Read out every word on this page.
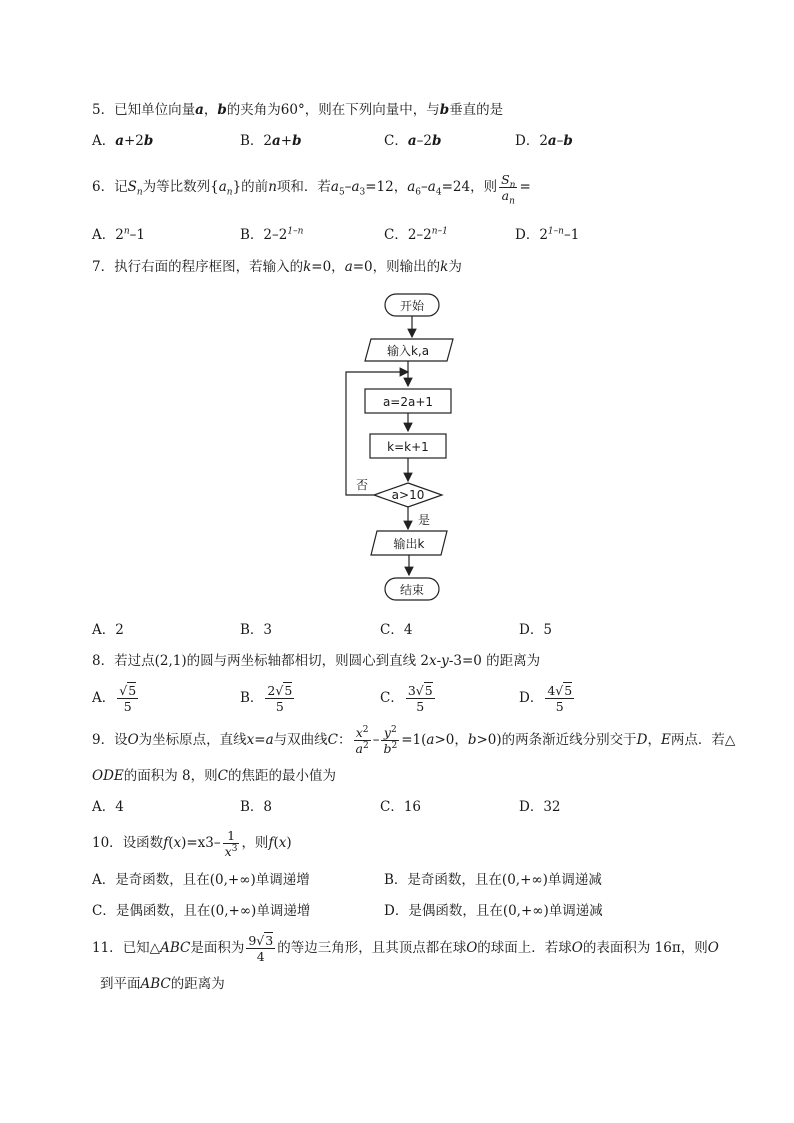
5．已知单位向量a，b的夹角为60°，则在下列向量中，与b垂直的是
A．a+2b	B．2a+b	C．a–2b	D．2a–b
6．记$S_n$为等比数列$\{a_n\}$的前n项和．若$a_5-a_3=12$，$a_6-a_4=24$，则 $\frac{S_n}{a_n}$ =
A．2$^n$–1	B．2–2$^{1-n}$	C．2–2$^{n-1}$	D．2$^{1-n}$–1
7．执行右面的程序框图，若输入的k=0，a=0，则输出的k为
开始
输入k,a
a=2a+1
k=k+1
a>10
否
是
输出k
结束
A．2	B．3	C．4	D．5
8．若过点(2,1)的圆与两坐标轴都相切，则圆心到直线 2x-y-3=0 的距离为
A． $\frac{√5}{5}$	B． $\frac{2√5}{5}$	C． $\frac{3√5}{5}$	D． $\frac{4√5}{5}$
9．设O为坐标原点，直线x=a与双曲线C： $\frac{x^2}{a^2} - \frac{y^2}{b^2} =1(a>0$，b>0)的两条渐近线分别交于D，E两点．若△
ODE的面积为 8，则C的焦距的最小值为
A．4	B．8	C．16	D．32
10．设函数$f(x)=x3- \frac{1}{x^3}$ ，则f(x)
A．是奇函数，且在(0,+∞)单调递增	B．是奇函数，且在(0,+∞)单调递减
C．是偶函数，且在(0,+∞)单调递增	D．是偶函数，且在(0,+∞)单调递减
11．已知△ABC是面积为 $\frac{9√3}{4}$ 的等边三角形，且其顶点都在球O的球面上．若球O的表面积为 16π，则O
到平面ABC的距离为
